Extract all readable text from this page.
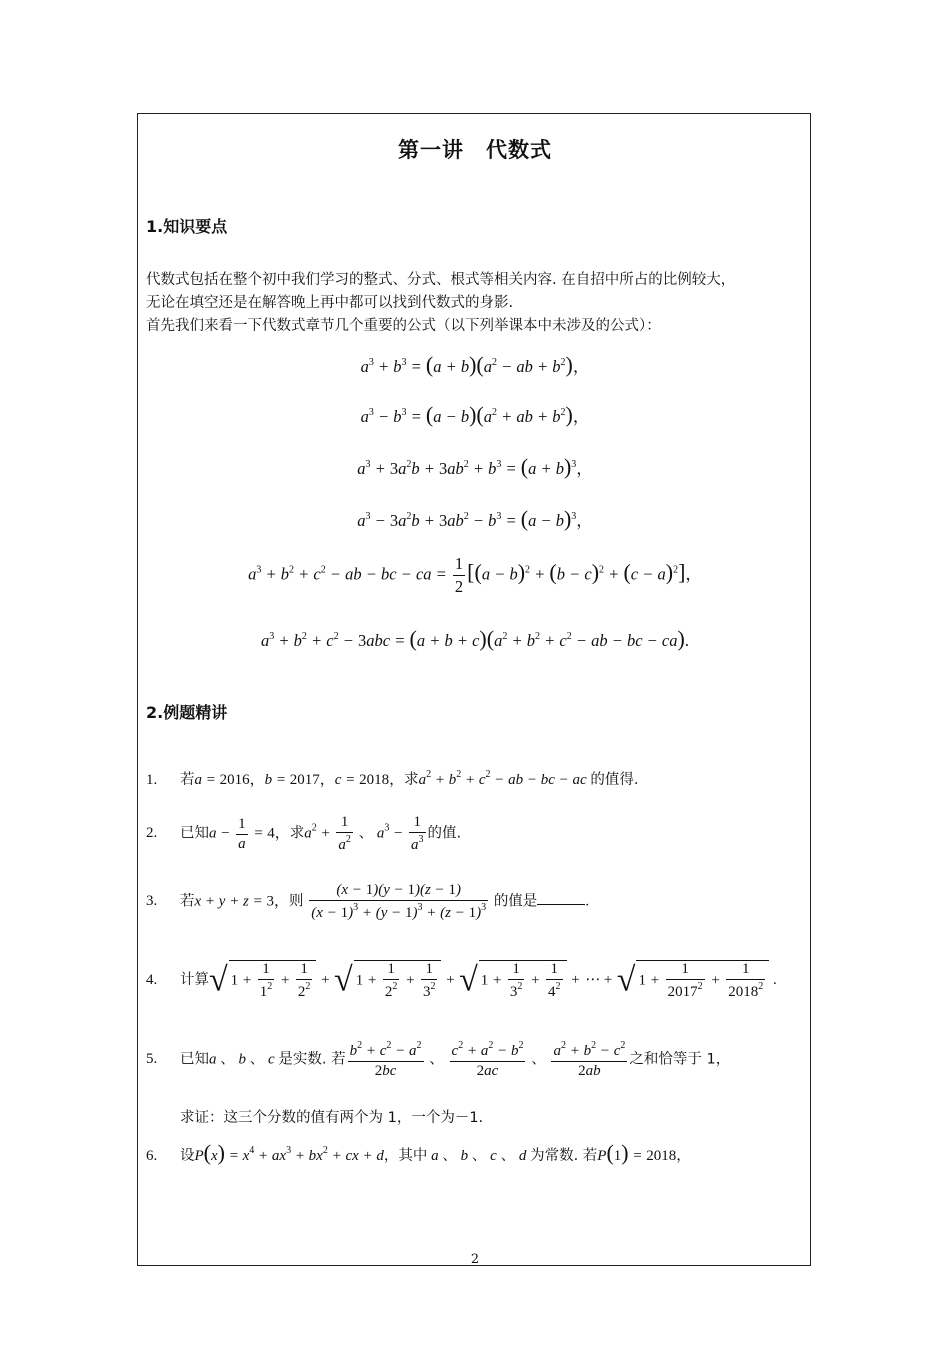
第一讲　代数式
1.知识要点
代数式包括在整个初中我们学习的整式、分式、根式等相关内容. 在自招中所占的比例较大，
无论在填空还是在解答晚上再中都可以找到代数式的身影.
首先我们来看一下代数式章节几个重要的公式（以下列举课本中未涉及的公式）：
$a^3 + b^3 = (a + b)(a^2$ − ab + $b^2$)，
$a^3 - b^3 = (a - b)(a^2$ + ab + $b^2$)，
$a^3 + 3a^2b + 3ab^2 + b^3 = (a + b)^3$，
$a^3 - 3a^2b + 3ab^2 - b^3 = (a - b)^3$，
$a^3 + b^2 + c^2$ − ab − bc − ca = $\frac{1}{2} [(a - b)^2 + (b - c)^2 + (c - a)^2]$，
$a^3 + b^2 + c^2 - 3abc = (a + b + c)(a^2 + b^2 + c^2$ − ab − bc − ca).
2.例题精讲
1. 若a = 2016，b = 2017，c = 2018，求$a^2 + b^2 + c^2$ − ab − bc − ac 的值得.
2. 已知$a - \frac{1}{a} = 4$，求$a^2 + \frac{1}{a^2}$ 、 $a^3 - \frac{1}{a^3}$ 的值.
3. 若x + y + z = 3，则 $\frac{(x - 1)(y - 1)(z - 1)}{(x - 1)^3 + (y - 1)^3 + (z - 1)^3}$ 的值是	.
4. 计算√ $1 + \frac{1}{1^2} + \frac{1}{2^2}$ + √ $1 + \frac{1}{2^2} + \frac{1}{3^2}$ + √ $1 + \frac{1}{3^2} + \frac{1}{4^2}$ + ⋯ + √ $1 + \frac{1}{2017^2} + \frac{1}{2018^2}$ .
5. 已知a 、 b 、 c 是实数. 若 $\frac{b^2 + c^2 - a^2}{2bc}$ 、 $\frac{c^2 + a^2 - b^2}{2ac}$ 、 $\frac{a^2 + b^2 - c^2}{2ab}$ 之和恰等于 1，
求证：这三个分数的值有两个为 1，一个为－1.
6. 设$P(x) = x^4 + ax^3 + bx^2$ + cx + d，其中 a 、 b 、 c 、 d 为常数. 若P(1) = 2018，
2
